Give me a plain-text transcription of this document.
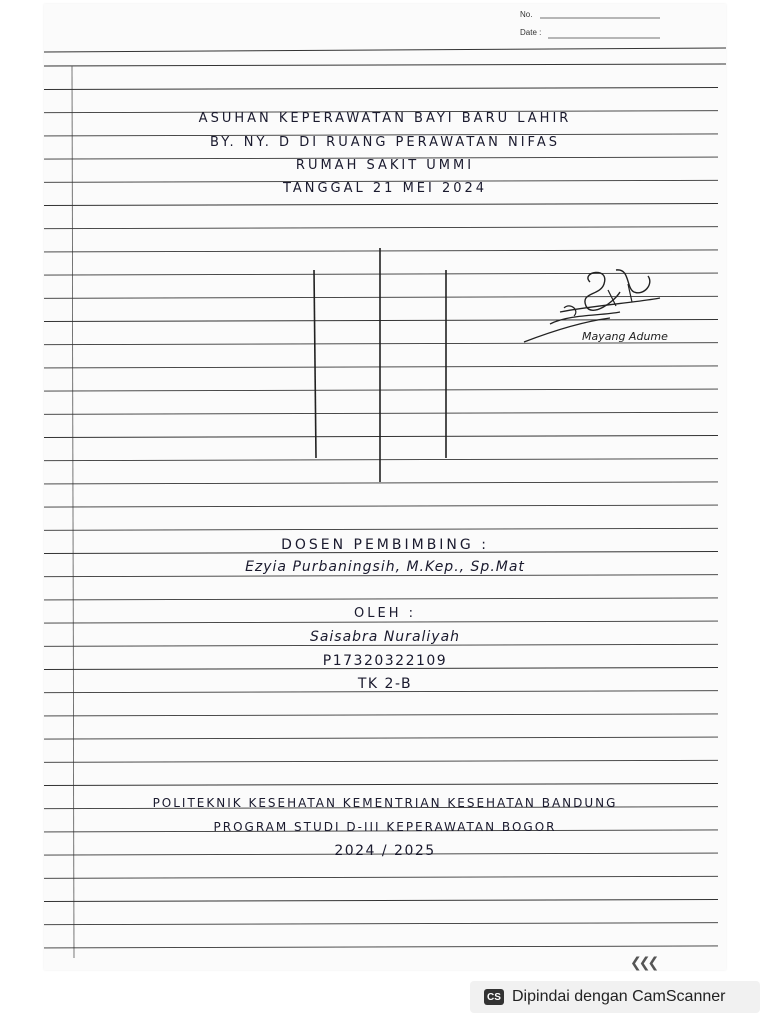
No.
Date :
ASUHAN KEPERAWATAN BAYI BARU LAHIR
BY. NY. D DI RUANG PERAWATAN NIFAS
RUMAH SAKIT UMMI
TANGGAL 21 MEI 2024
Mayang Adume
DOSEN PEMBIMBING :
Ezyia Purbaningsih, M.Kep., Sp.Mat
OLEH :
Saisabra Nuraliyah
P17320322109
TK 2-B
POLITEKNIK KESEHATAN KEMENTRIAN KESEHATAN BANDUNG
PROGRAM STUDI D-III KEPERAWATAN BOGOR
2024 / 2025
❮❮❮
CS Dipindai dengan CamScanner
